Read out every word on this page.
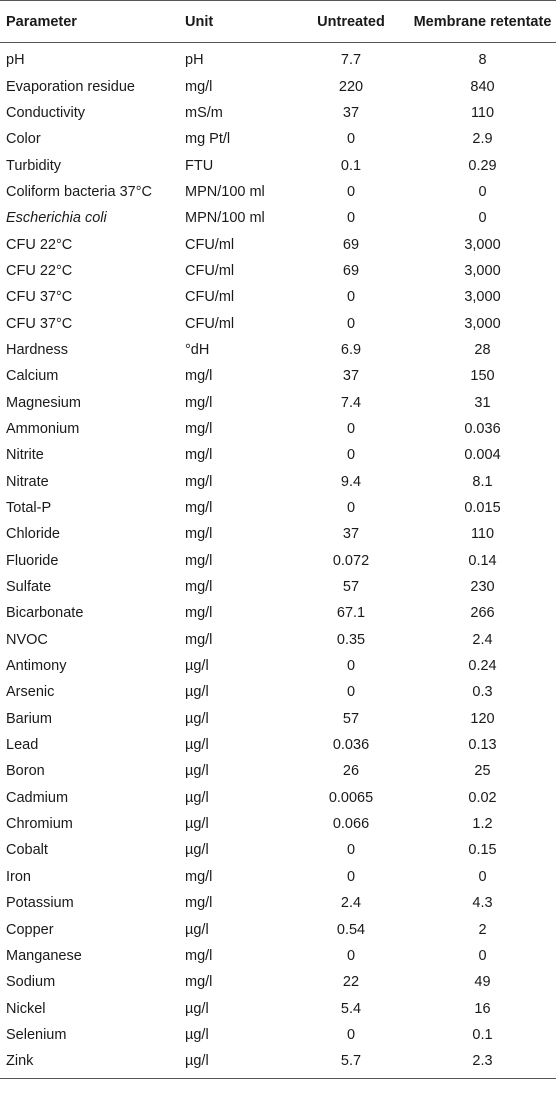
Parameter	Unit	Untreated	Membrane retentate
pH	pH	7.7	8
Evaporation residue	mg/l	220	840
Conductivity	mS/m	37	110
Color	mg Pt/l	0	2.9
Turbidity	FTU	0.1	0.29
Coliform bacteria 37°C	MPN/100 ml	0	0
Escherichia coli	MPN/100 ml	0	0
CFU 22°C	CFU/ml	69	3,000
CFU 22°C	CFU/ml	69	3,000
CFU 37°C	CFU/ml	0	3,000
CFU 37°C	CFU/ml	0	3,000
Hardness	°dH	6.9	28
Calcium	mg/l	37	150
Magnesium	mg/l	7.4	31
Ammonium	mg/l	0	0.036
Nitrite	mg/l	0	0.004
Nitrate	mg/l	9.4	8.1
Total-P	mg/l	0	0.015
Chloride	mg/l	37	110
Fluoride	mg/l	0.072	0.14
Sulfate	mg/l	57	230
Bicarbonate	mg/l	67.1	266
NVOC	mg/l	0.35	2.4
Antimony	µg/l	0	0.24
Arsenic	µg/l	0	0.3
Barium	µg/l	57	120
Lead	µg/l	0.036	0.13
Boron	µg/l	26	25
Cadmium	µg/l	0.0065	0.02
Chromium	µg/l	0.066	1.2
Cobalt	µg/l	0	0.15
Iron	mg/l	0	0
Potassium	mg/l	2.4	4.3
Copper	µg/l	0.54	2
Manganese	mg/l	0	0
Sodium	mg/l	22	49
Nickel	µg/l	5.4	16
Selenium	µg/l	0	0.1
Zink	µg/l	5.7	2.3
